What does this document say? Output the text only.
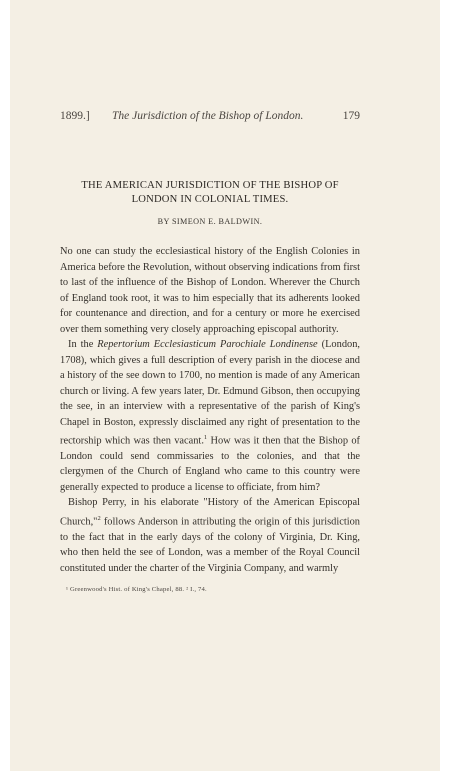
1899.] The Jurisdiction of the Bishop of London.	179
THE AMERICAN JURISDICTION OF THE BISHOP OF LONDON IN COLONIAL TIMES.
BY SIMEON E. BALDWIN.

No one can study the ecclesiastical history of the English Colonies in America before the Revolution, without observing indications from first to last of the influence of the Bishop of London. Wherever the Church of England took root, it was to him especially that its adherents looked for countenance and direction, and for a century or more he exercised over them something very closely approaching episcopal authority.

In the Repertorium Ecclesiasticum Parochiale Londinense (London, 1708), which gives a full description of every parish in the diocese and a history of the see down to 1700, no mention is made of any American church or living. A few years later, Dr. Edmund Gibson, then occupying the see, in an interview with a representative of the parish of King's Chapel in Boston, expressly disclaimed any right of presentation to the rectorship which was then vacant.$^1$ How was it then that the Bishop of London could send commissaries to the colonies, and that the clergymen of the Church of England who came to this country were generally expected to produce a license to officiate, from him?

Bishop Perry, in his elaborate "History of the American Episcopal Church,"$^2$ follows Anderson in attributing the origin of this jurisdiction to the fact that in the early days of the colony of Virginia, Dr. King, who then held the see of London, was a member of the Royal Council constituted under the charter of the Virginia Company, and warmly

¹ Greenwood's Hist. of King's Chapel, 88. ² I., 74.
